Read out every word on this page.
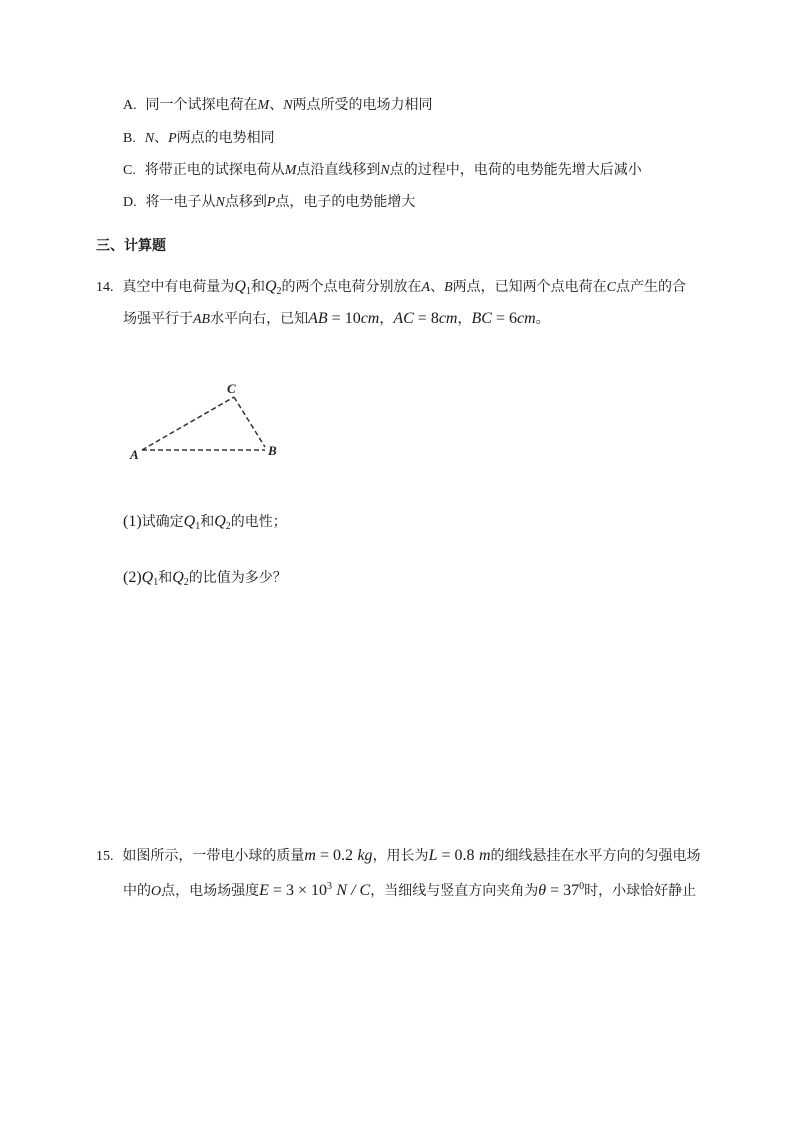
A. 同一个试探电荷在M、N两点所受的电场力相同
B. N、P两点的电势相同
C. 将带正电的试探电荷从M点沿直线移到N点的过程中，电荷的电势能先增大后减小
D. 将一电子从N点移到P点，电子的电势能增大
三、计算题
14. 真空中有电荷量为$Q_1$和$Q_2$的两个点电荷分别放在A、B两点，已知两个点电荷在C点产生的合
场强平行于AB水平向右，已知AB = 10cm，AC = 8cm，BC = 6cm。
A	B
C
(1)试确定$Q_1$和$Q_2$的电性；
$(2)Q_1$和$Q_2$的比值为多少？
15. 如图所示，一带电小球的质量m = 0.2 kg，用长为L = 0.8 m的细线悬挂在水平方向的匀强电场
中的O点，电场场强度$E = 3 \times 10^3$ N / C，当细线与竖直方向夹角为$\theta = 37^0$时，小球恰好静止
